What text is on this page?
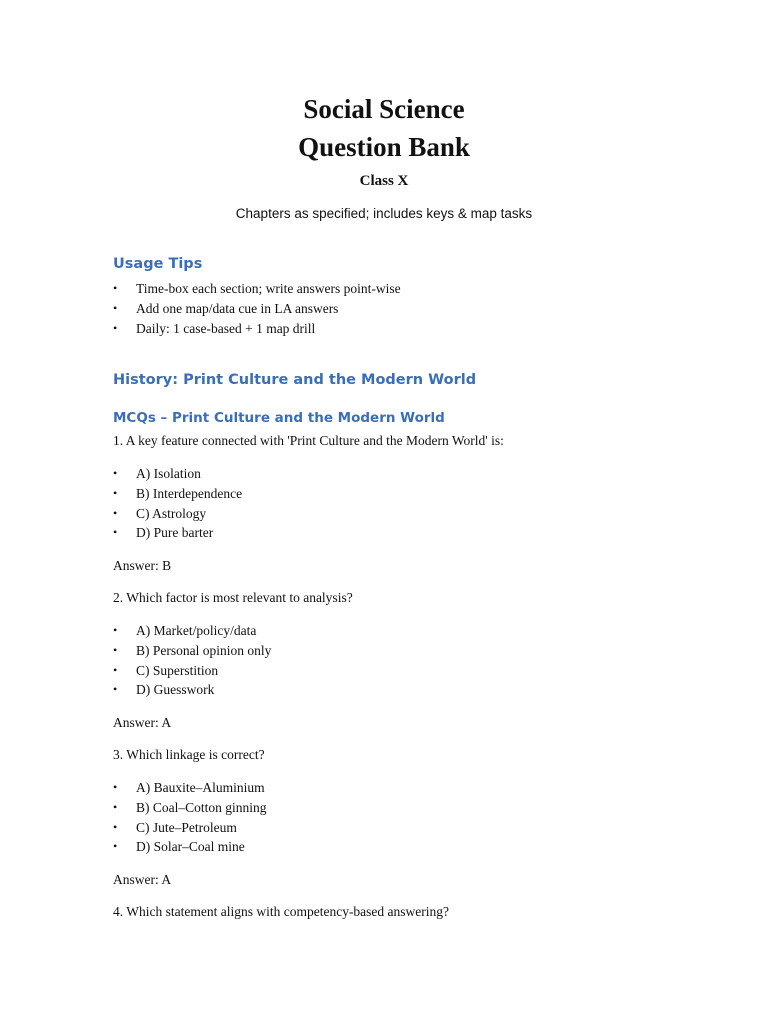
Social Science
Question Bank
Class X
Chapters as specified; includes keys & map tasks
Usage Tips
• Time-box each section; write answers point-wise
• Add one map/data cue in LA answers
• Daily: 1 case-based + 1 map drill
History: Print Culture and the Modern World
MCQs – Print Culture and the Modern World

1. A key feature connected with 'Print Culture and the Modern World' is:

• A) Isolation
• B) Interdependence
• C) Astrology
• D) Pure barter

Answer: B

2. Which factor is most relevant to analysis?

• A) Market/policy/data
• B) Personal opinion only
• C) Superstition
• D) Guesswork

Answer: A

3. Which linkage is correct?

• A) Bauxite–Aluminium
• B) Coal–Cotton ginning
• C) Jute–Petroleum
• D) Solar–Coal mine

Answer: A

4. Which statement aligns with competency-based answering?
